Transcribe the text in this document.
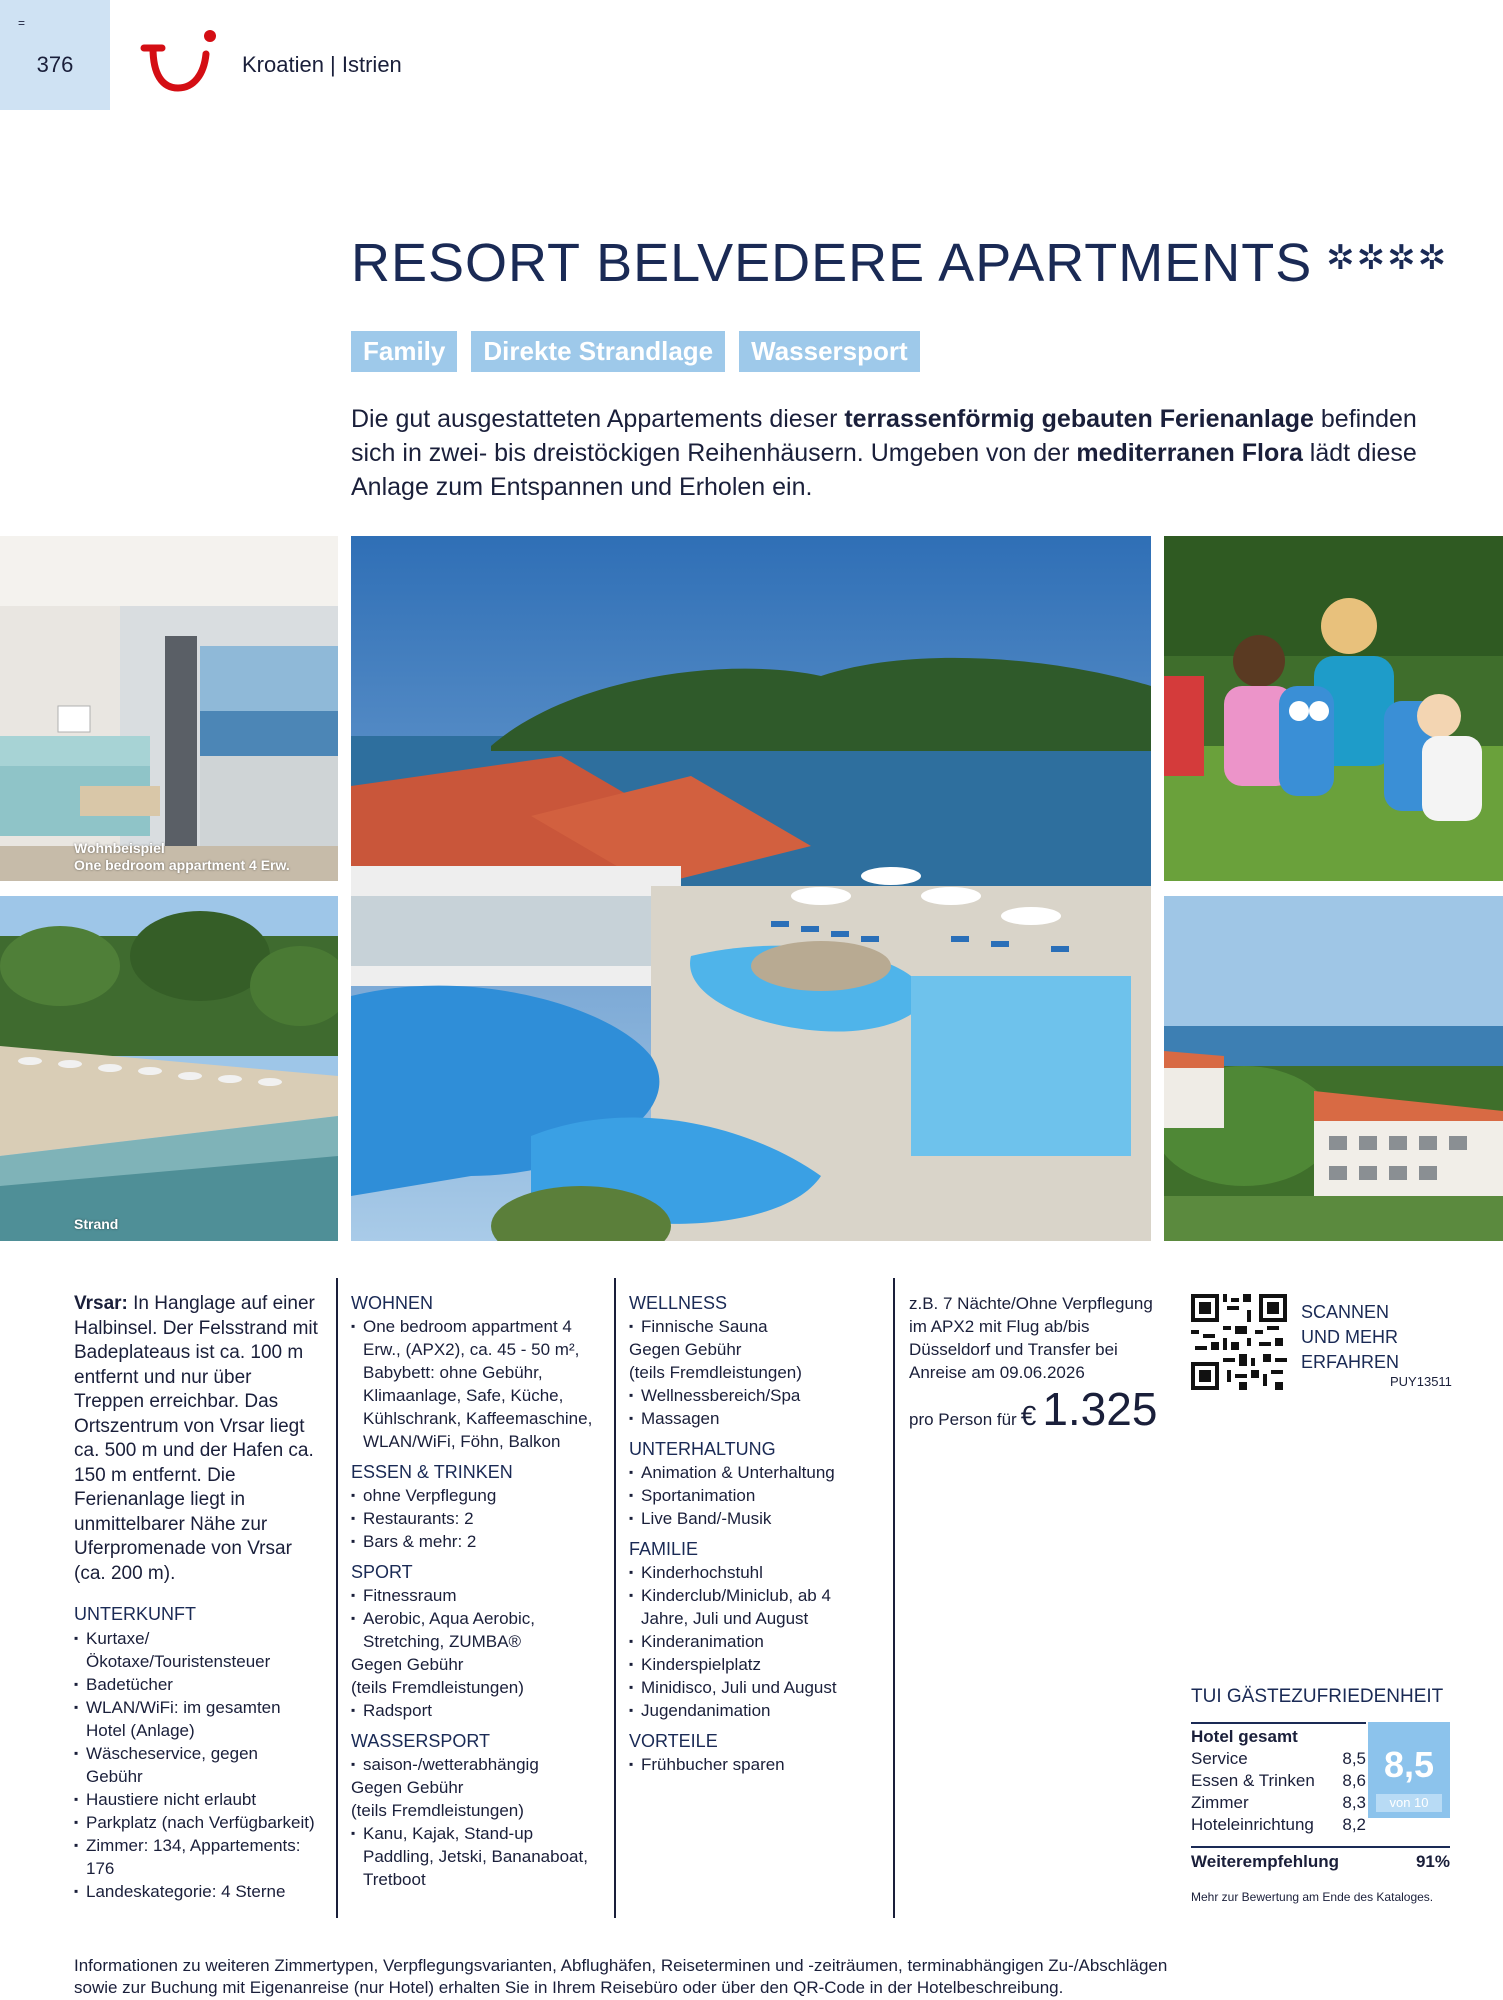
=
376	Kroatien | Istrien
RESORT BELVEDERE APARTMENTS ✲✲✲✲
Family	Direkte Strandlage	Wassersport

Die gut ausgestatteten Appartements dieser terrassenförmig gebauten Ferienanlage befinden sich in zwei- bis dreistöckigen Reihenhäusern. Umgeben von der mediterranen Flora lädt diese Anlage zum Entspannen und Erholen ein.

Wohnbeispiel
One bedroom appartment 4 Erw.
Strand
Vrsar: In Hanglage auf einer Halbinsel. Der Felsstrand mit Badeplateaus ist ca. 100 m entfernt und nur über Treppen erreichbar. Das Ortszentrum von Vrsar liegt ca. 500 m und der Hafen ca. 150 m entfernt. Die Ferienanlage liegt in unmittelbarer Nähe zur Uferpromenade von Vrsar (ca. 200 m).
UNTERKUNFT
▪ Kurtaxe/Ökotaxe/Touristensteuer
▪ Badetücher
▪ WLAN/WiFi: im gesamten Hotel (Anlage)
▪ Wäscheservice, gegen Gebühr
▪ Haustiere nicht erlaubt
▪ Parkplatz (nach Verfügbarkeit)
▪ Zimmer: 134, Appartements: 176
▪ Landeskategorie: 4 Sterne
WOHNEN
▪ One bedroom appartment 4 Erw., (APX2), ca. 45 - 50 m², Babybett: ohne Gebühr, Klimaanlage, Safe, Küche, Kühlschrank, Kaffeemaschine, WLAN/WiFi, Föhn, Balkon
ESSEN & TRINKEN
▪ ohne Verpflegung
▪ Restaurants: 2
▪ Bars & mehr: 2
SPORT
▪ Fitnessraum
▪ Aerobic, Aqua Aerobic, Stretching, ZUMBA®
Gegen Gebühr
(teils Fremdleistungen)
▪ Radsport
WASSERSPORT
▪ saison-/wetterabhängig
Gegen Gebühr
(teils Fremdleistungen)
▪ Kanu, Kajak, Stand-up Paddling, Jetski, Bananaboat, Tretboot
WELLNESS
▪ Finnische Sauna
Gegen Gebühr
(teils Fremdleistungen)
▪ Wellnessbereich/Spa
▪ Massagen
UNTERHALTUNG
▪ Animation & Unterhaltung
▪ Sportanimation
▪ Live Band/-Musik
FAMILIE
▪ Kinderhochstuhl
▪ Kinderclub/Miniclub, ab 4 Jahre, Juli und August
▪ Kinderanimation
▪ Kinderspielplatz
▪ Minidisco, Juli und August
▪ Jugendanimation
VORTEILE
▪ Frühbucher sparen
z.B. 7 Nächte/Ohne Verpflegung im APX2 mit Flug ab/bis Düsseldorf und Transfer bei Anreise am 09.06.2026
pro Person für € 1.325
SCANNEN
UND MEHR
ERFAHREN
PUY13511
TUI GÄSTEZUFRIEDENHEIT
Hotel gesamt
Service	8,5
Essen & Trinken 8,6
Zimmer	8,3
Hoteleinrichtung 8,2
8,5
von 10
Weiterempfehlung	91%
Mehr zur Bewertung am Ende des Kataloges.
Informationen zu weiteren Zimmertypen, Verpflegungsvarianten, Abflughäfen, Reiseterminen und -zeiträumen, terminabhängigen Zu-/Abschlägen sowie zur Buchung mit Eigenanreise (nur Hotel) erhalten Sie in Ihrem Reisebüro oder über den QR-Code in der Hotelbeschreibung.
